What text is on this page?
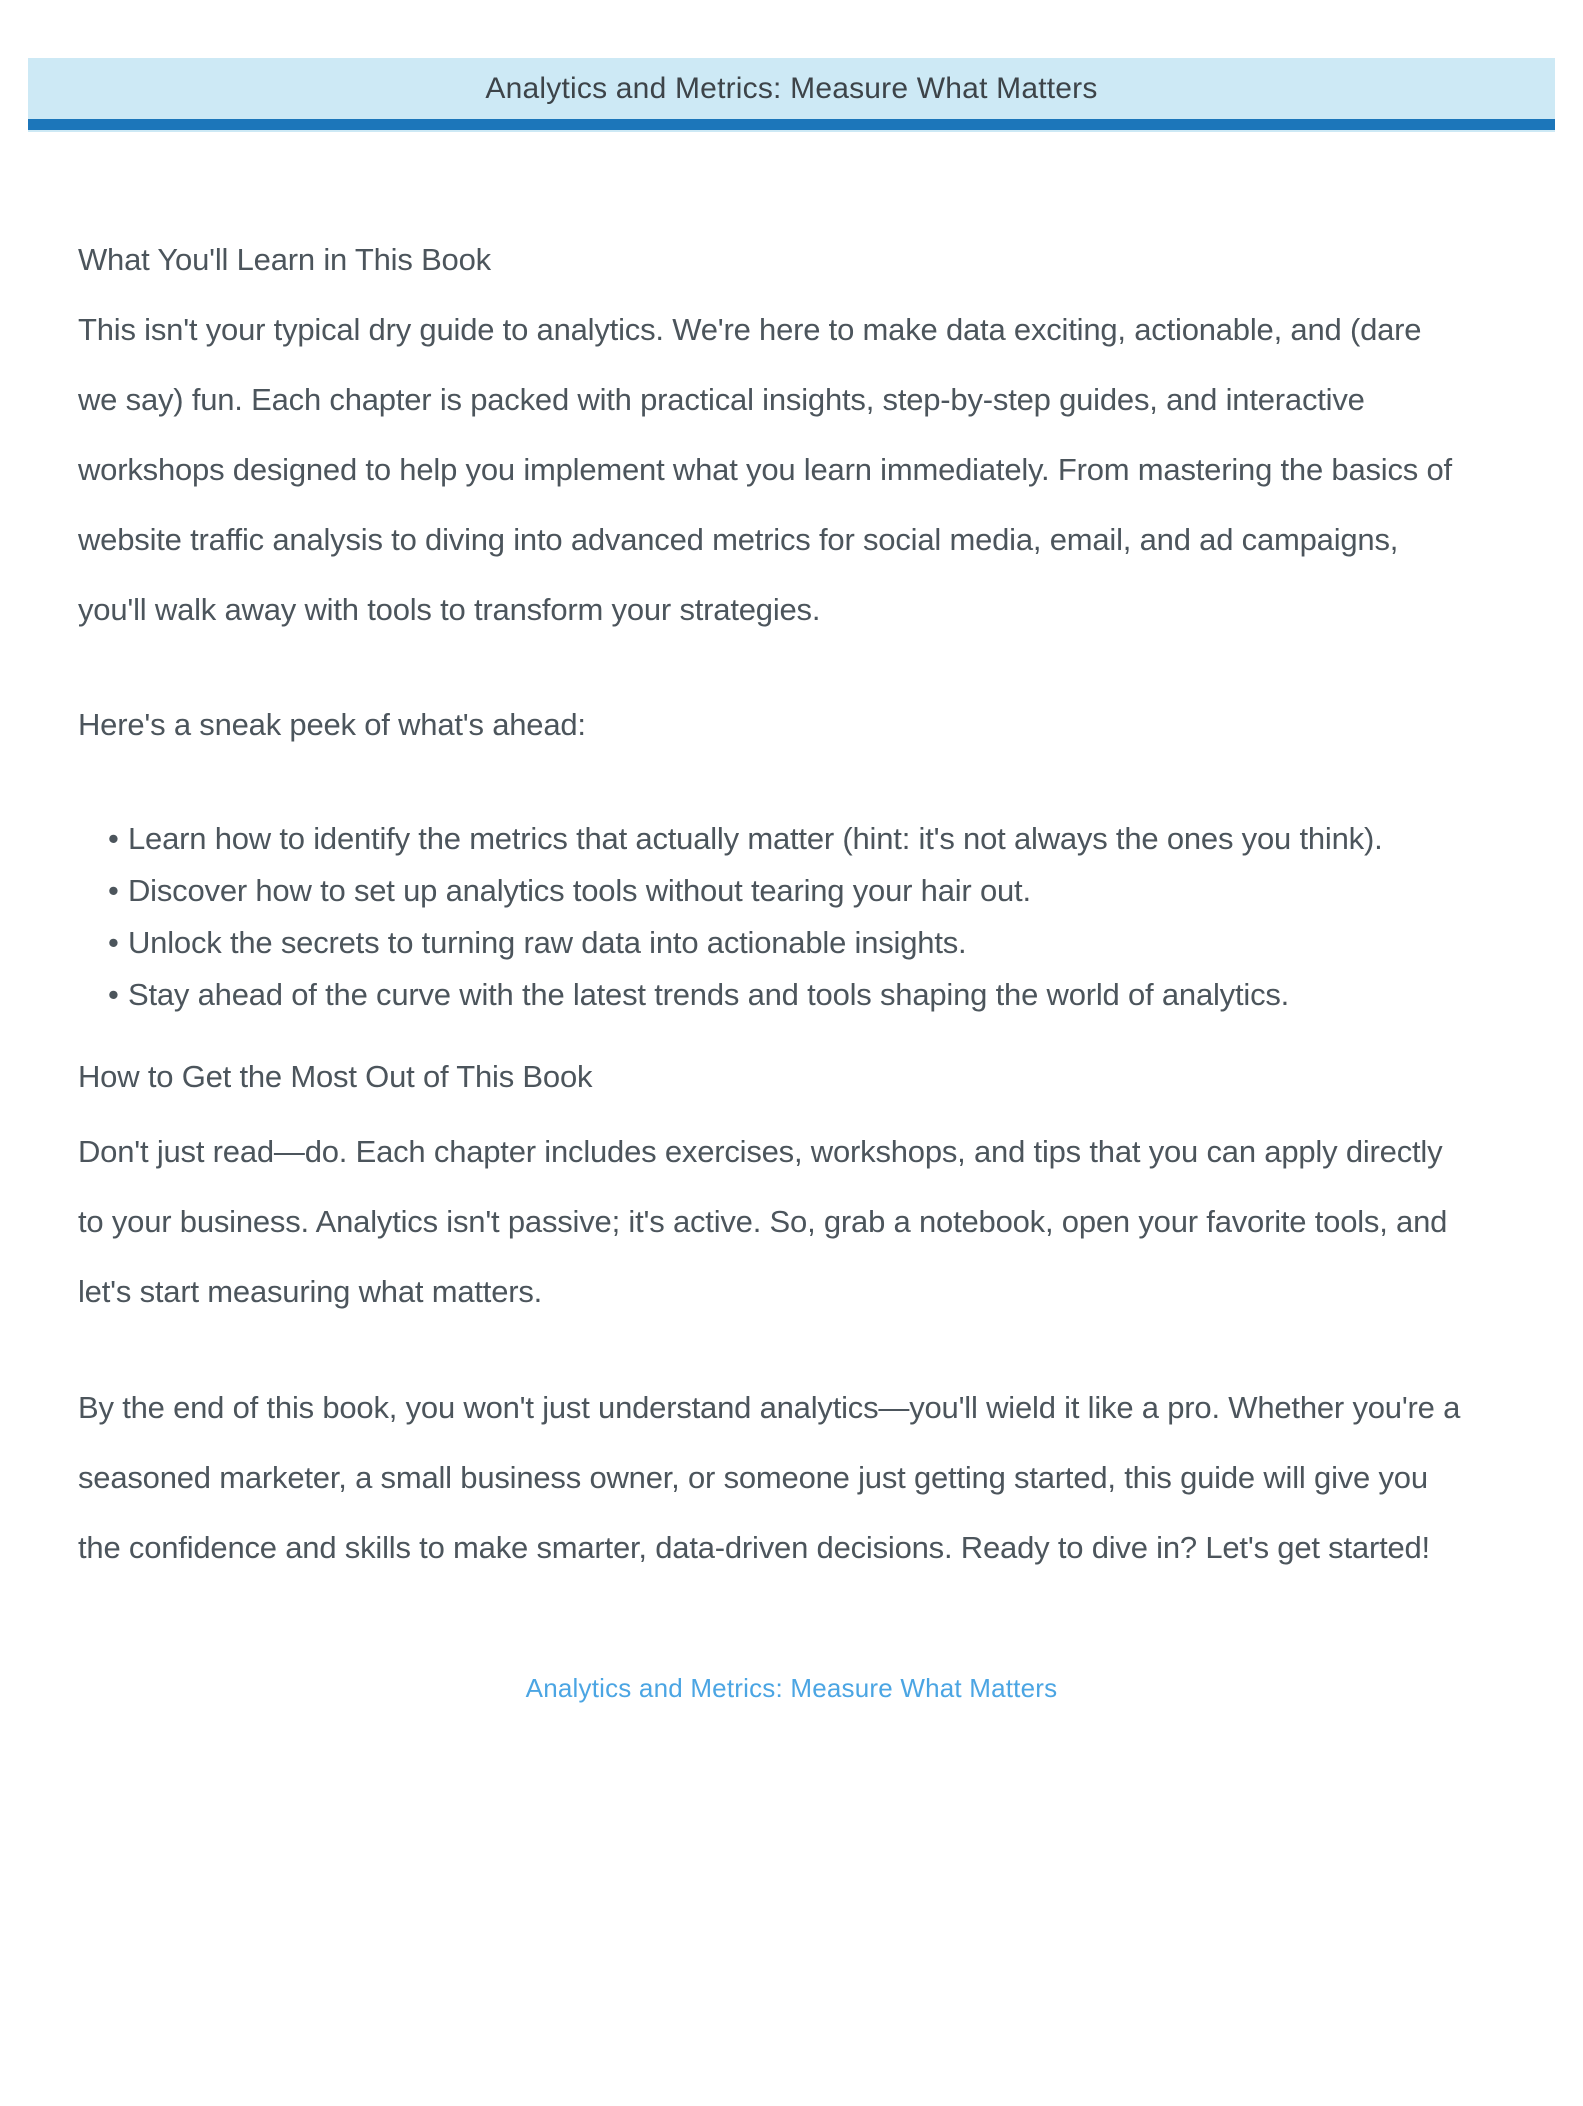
Analytics and Metrics: Measure What Matters
What You'll Learn in This Book

This isn't your typical dry guide to analytics. We're here to make data exciting, actionable, and (dare we say) fun. Each chapter is packed with practical insights, step-by-step guides, and interactive workshops designed to help you implement what you learn immediately. From mastering the basics of website traffic analysis to diving into advanced metrics for social media, email, and ad campaigns, you'll walk away with tools to transform your strategies.

Here's a sneak peek of what's ahead:

• Learn how to identify the metrics that actually matter (hint: it's not always the ones you think).
• Discover how to set up analytics tools without tearing your hair out.
• Unlock the secrets to turning raw data into actionable insights.
• Stay ahead of the curve with the latest trends and tools shaping the world of analytics.
How to Get the Most Out of This Book

Don't just read—do. Each chapter includes exercises, workshops, and tips that you can apply directly to your business. Analytics isn't passive; it's active. So, grab a notebook, open your favorite tools, and let's start measuring what matters.

By the end of this book, you won't just understand analytics—you'll wield it like a pro. Whether you're a seasoned marketer, a small business owner, or someone just getting started, this guide will give you the confidence and skills to make smarter, data-driven decisions. Ready to dive in? Let's get started!

Analytics and Metrics: Measure What Matters
